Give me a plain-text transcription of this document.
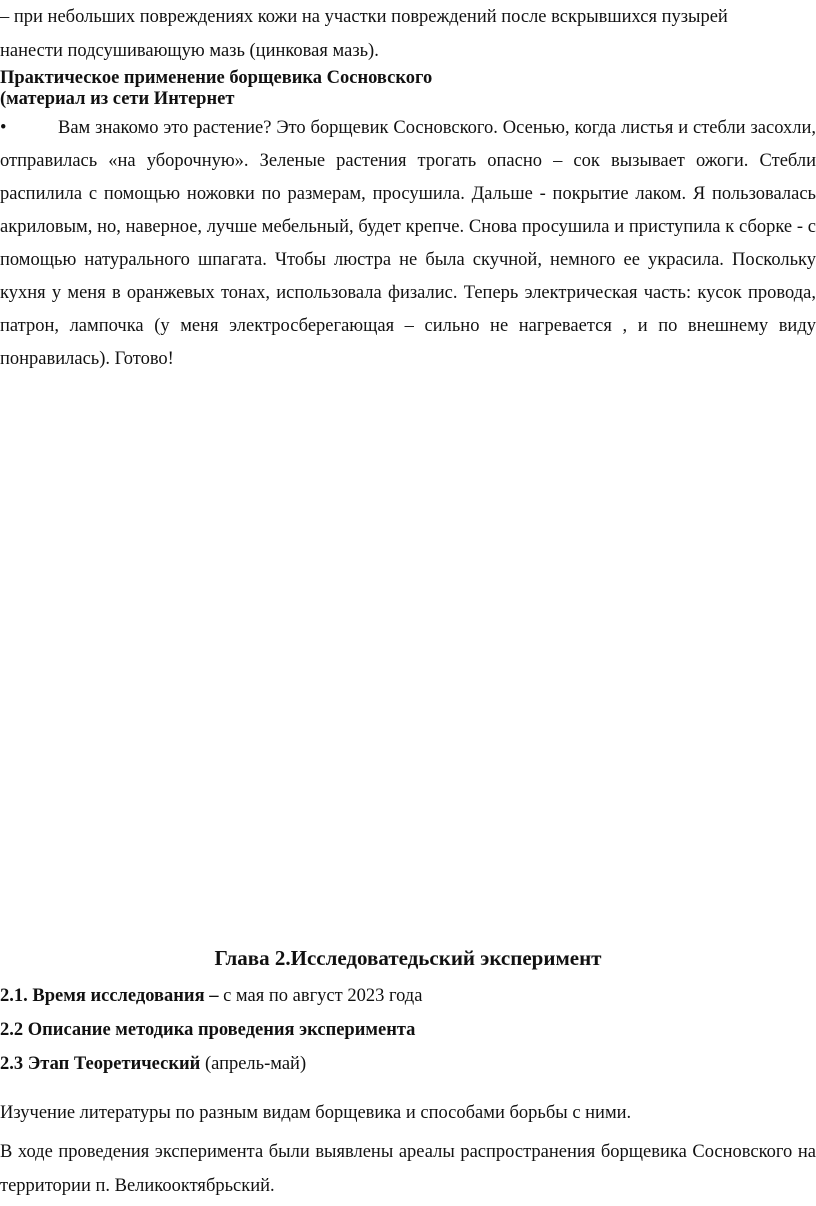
– при небольших повреждениях кожи на участки повреждений после вскрывшихся пузырей
нанести подсушивающую мазь (цинковая мазь).

Практическое применение борщевика Сосновского
(материал из сети Интернет

•	Вам знакомо это растение? Это борщевик Сосновского. Осенью, когда листья и стебли засохли, отправилась «на уборочную». Зеленые растения трогать опасно – сок вызывает ожоги. Стебли распилила с помощью ножовки по размерам, просушила. Дальше - покрытие лаком. Я пользовалась акриловым, но, наверное, лучше мебельный, будет крепче. Снова просушила и приступила к сборке - с помощью натурального шпагата. Чтобы люстра не была скучной, немного ее украсила. Поскольку кухня у меня в оранжевых тонах, использовала физалис. Теперь электрическая часть: кусок провода, патрон, лампочка (у меня электросберегающая – сильно не нагревается , и по внешнему виду понравилась). Готово!

Глава 2.Исследоватедьский эксперимент

2.1. Время исследования – с мая по август 2023 года

2.2 Описание методика проведения эксперимента

2.3 Этап Теоретический (апрель-май)

Изучение литературы по разным видам борщевика и способами борьбы с ними.

В ходе проведения эксперимента были выявлены ареалы распространения борщевика Сосновского на территории п. Великооктябрьский.
